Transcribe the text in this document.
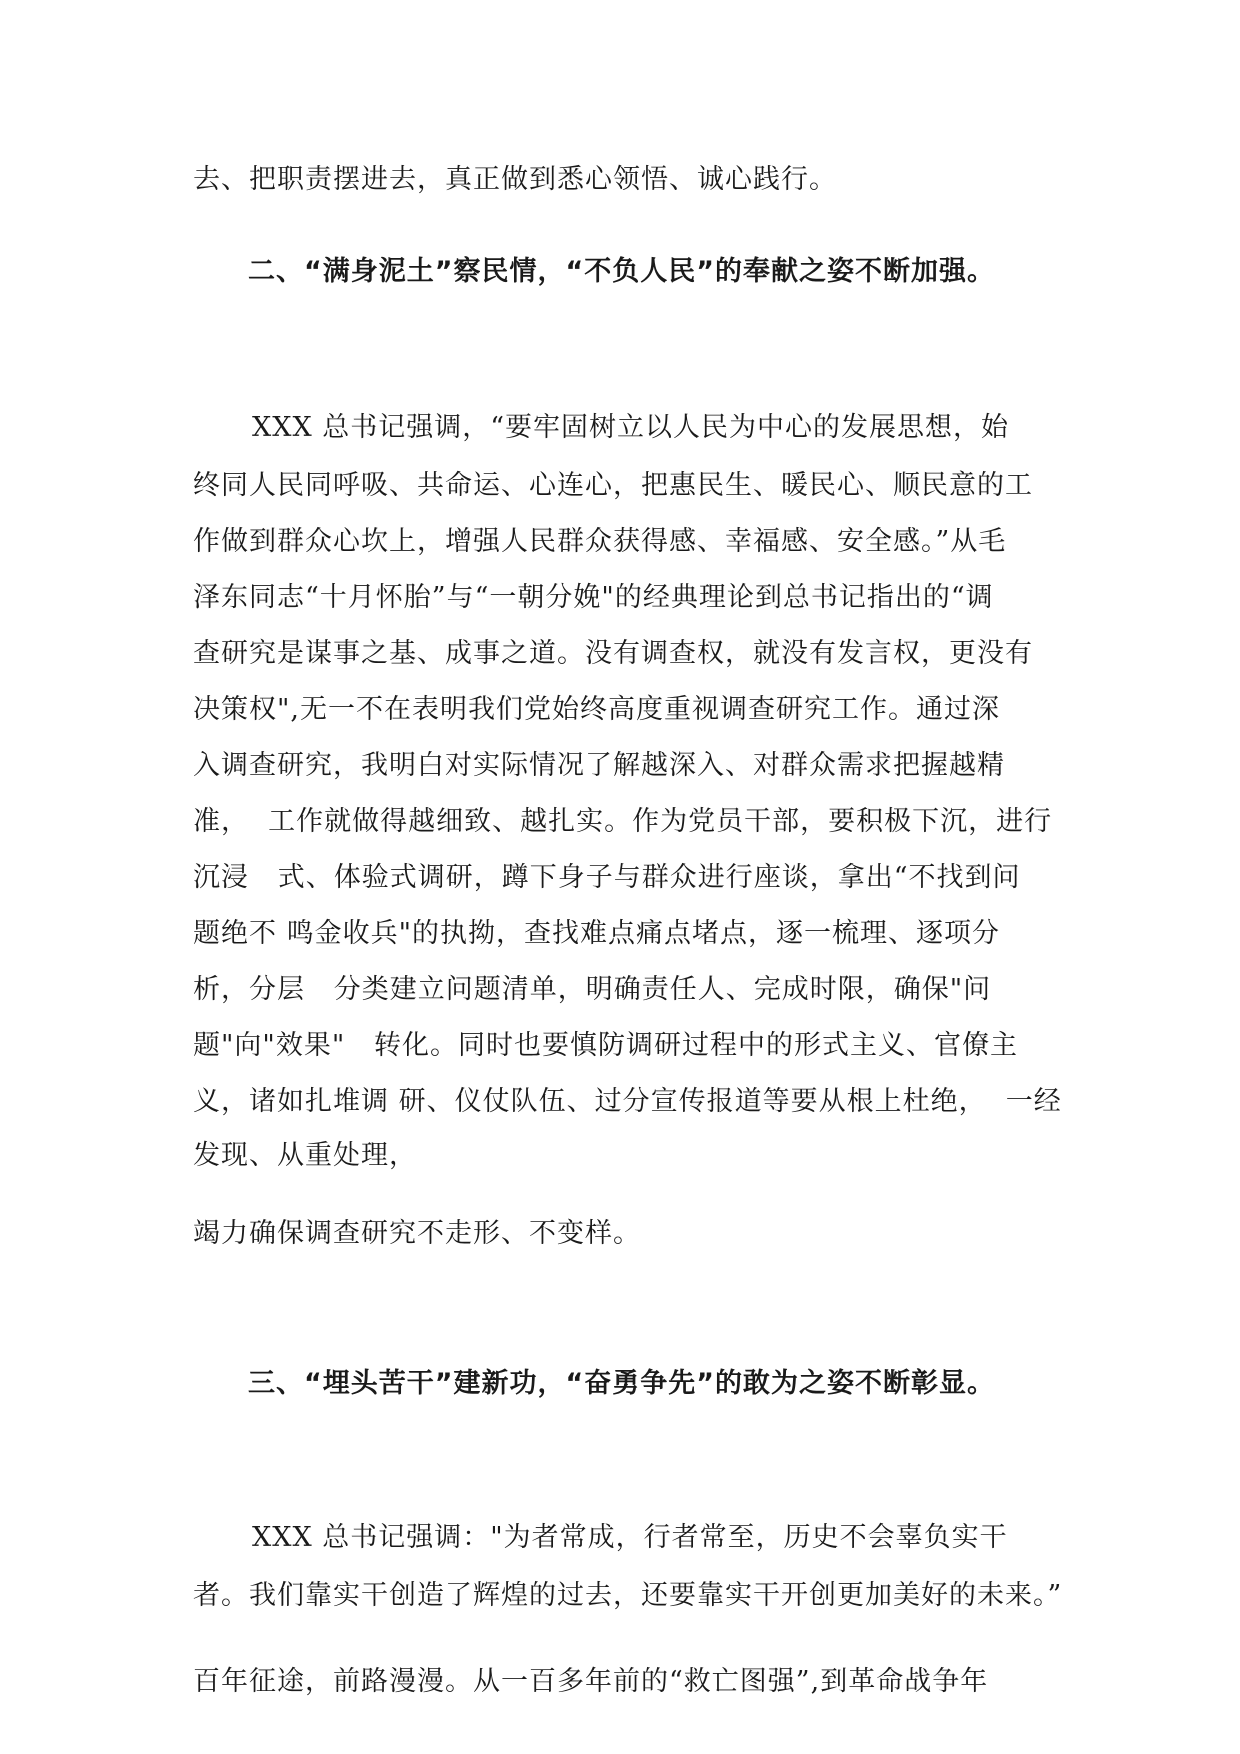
去、把职责摆进去，真正做到悉心领悟、诚心践行。
二、“满身泥土”察民情，“不负人民”的奉献之姿不断加强。
XXX 总书记强调，“要牢固树立以人民为中心的发展思想，始
终同人民同呼吸、共命运、心连心，把惠民生、暖民心、顺民意的工
作做到群众心坎上，增强人民群众获得感、幸福感、安全感。”从毛
泽东同志“十月怀胎”与“一朝分娩"的经典理论到总书记指出的“调
查研究是谋事之基、成事之道。没有调查权，就没有发言权，更没有
决策权",无一不在表明我们党始终高度重视调查研究工作。通过深
入调查研究，我明白对实际情况了解越深入、对群众需求把握越精
准，  工作就做得越细致、越扎实。作为党员干部，要积极下沉，进行
沉浸   式、体验式调研，蹲下身子与群众进行座谈，拿出“不找到问
题绝不 鸣金收兵"的执拗，查找难点痛点堵点，逐一梳理、逐项分
析，分层   分类建立问题清单，明确责任人、完成时限，确保"问
题"向"效果"   转化。同时也要慎防调研过程中的形式主义、官僚主
义，诸如扎堆调 研、仪仗队伍、过分宣传报道等要从根上杜绝，  一经
发现、从重处理，
竭力确保调查研究不走形、不变样。
三、“埋头苦干”建新功，“奋勇争先”的敢为之姿不断彰显。
XXX 总书记强调："为者常成，行者常至，历史不会辜负实干
者。我们靠实干创造了辉煌的过去，还要靠实干开创更加美好的未来。”
百年征途，前路漫漫。从一百多年前的“救亡图强”,到革命战争年
